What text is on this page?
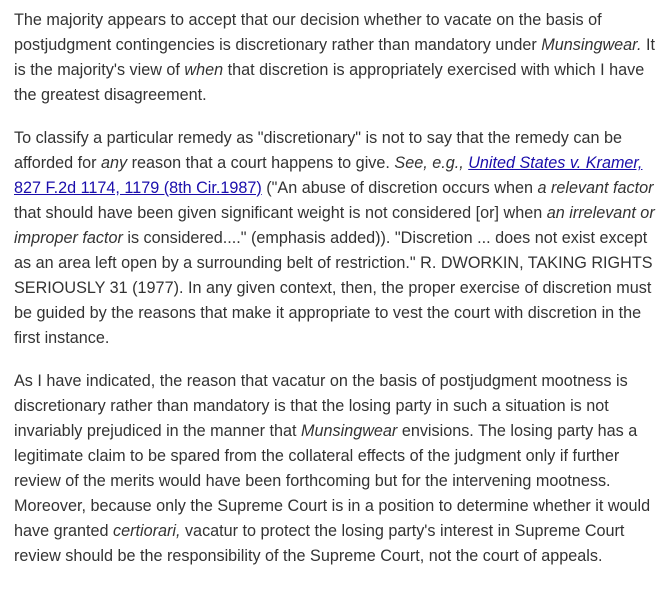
The majority appears to accept that our decision whether to vacate on the basis of postjudgment contingencies is discretionary rather than mandatory under Munsingwear. It is the majority's view of when that discretion is appropriately exercised with which I have the greatest disagreement.

To classify a particular remedy as "discretionary" is not to say that the remedy can be afforded for any reason that a court happens to give. See, e.g., United States v. Kramer, 827 F.2d 1174, 1179 (8th Cir.1987) ("An abuse of discretion occurs when a relevant factor that should have been given significant weight is not considered [or] when an irrelevant or improper factor is considered...." (emphasis added)). "Discretion ... does not exist except as an area left open by a surrounding belt of restriction." R. DWORKIN, TAKING RIGHTS SERIOUSLY 31 (1977). In any given context, then, the proper exercise of discretion must be guided by the reasons that make it appropriate to vest the court with discretion in the first instance.

As I have indicated, the reason that vacatur on the basis of postjudgment mootness is discretionary rather than mandatory is that the losing party in such a situation is not invariably prejudiced in the manner that Munsingwear envisions. The losing party has a legitimate claim to be spared from the collateral effects of the judgment only if further review of the merits would have been forthcoming but for the intervening mootness. Moreover, because only the Supreme Court is in a position to determine whether it would have granted certiorari, vacatur to protect the losing party's interest in Supreme Court review should be the responsibility of the Supreme Court, not the court of appeals.
